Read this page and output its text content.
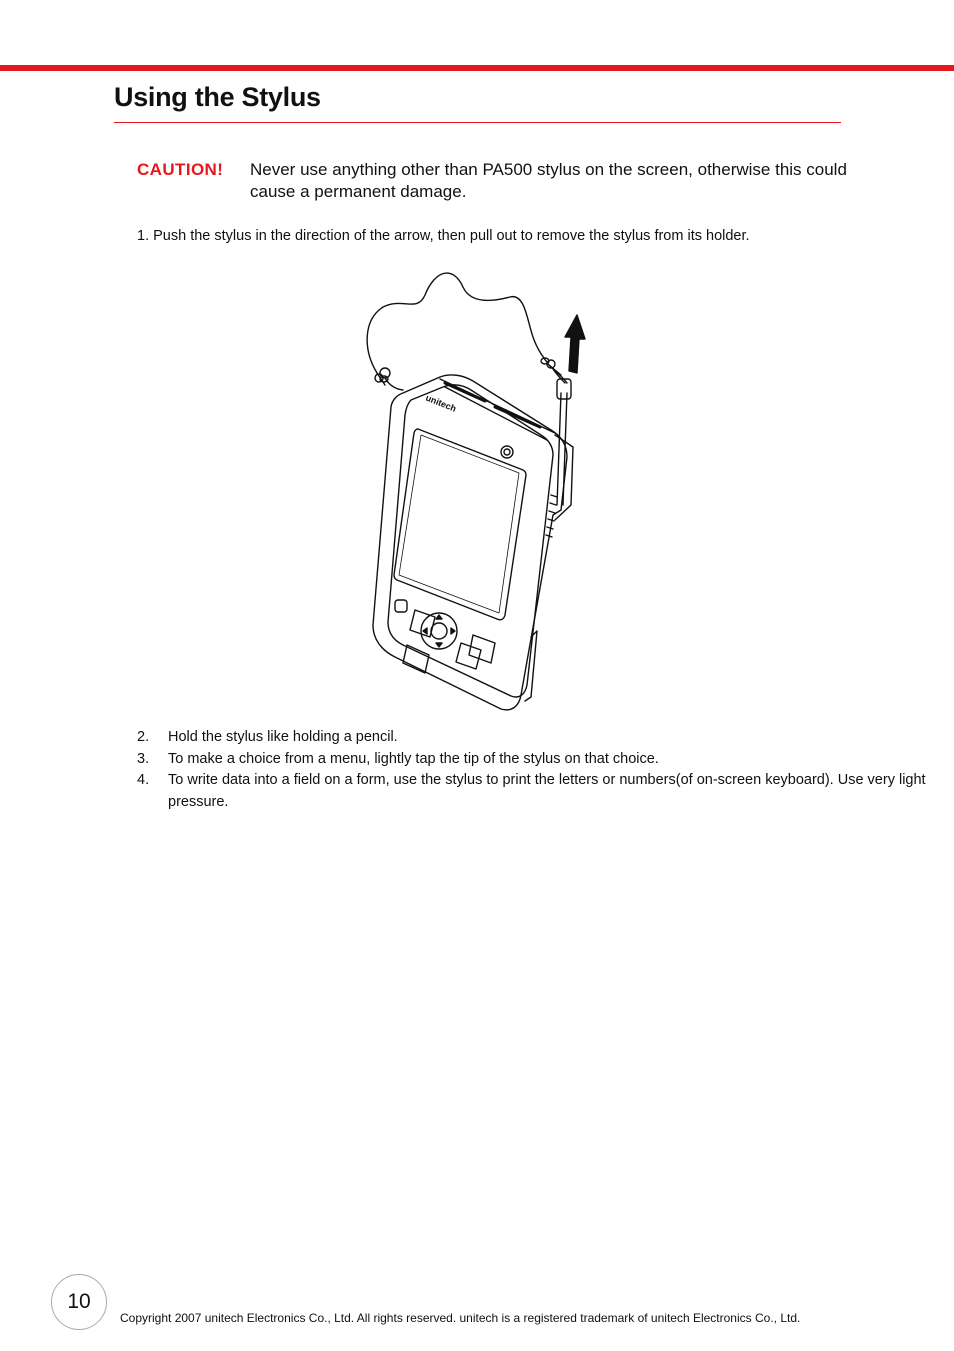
Using the Stylus
CAUTION! Never use anything other than PA500 stylus on the screen, otherwise this could cause a permanent damage.
1. Push the stylus in the direction of the arrow, then pull out to remove the stylus from its holder.
unitech
2. Hold the stylus like holding a pencil.
3. To make a choice from a menu, lightly tap the tip of the stylus on that choice.
4. To write data into a field on a form, use the stylus to print the letters or numbers(of on-screen keyboard). Use very light pressure.
10
Copyright 2007 unitech Electronics Co., Ltd. All rights reserved. unitech is a registered trademark of unitech Electronics Co., Ltd.
